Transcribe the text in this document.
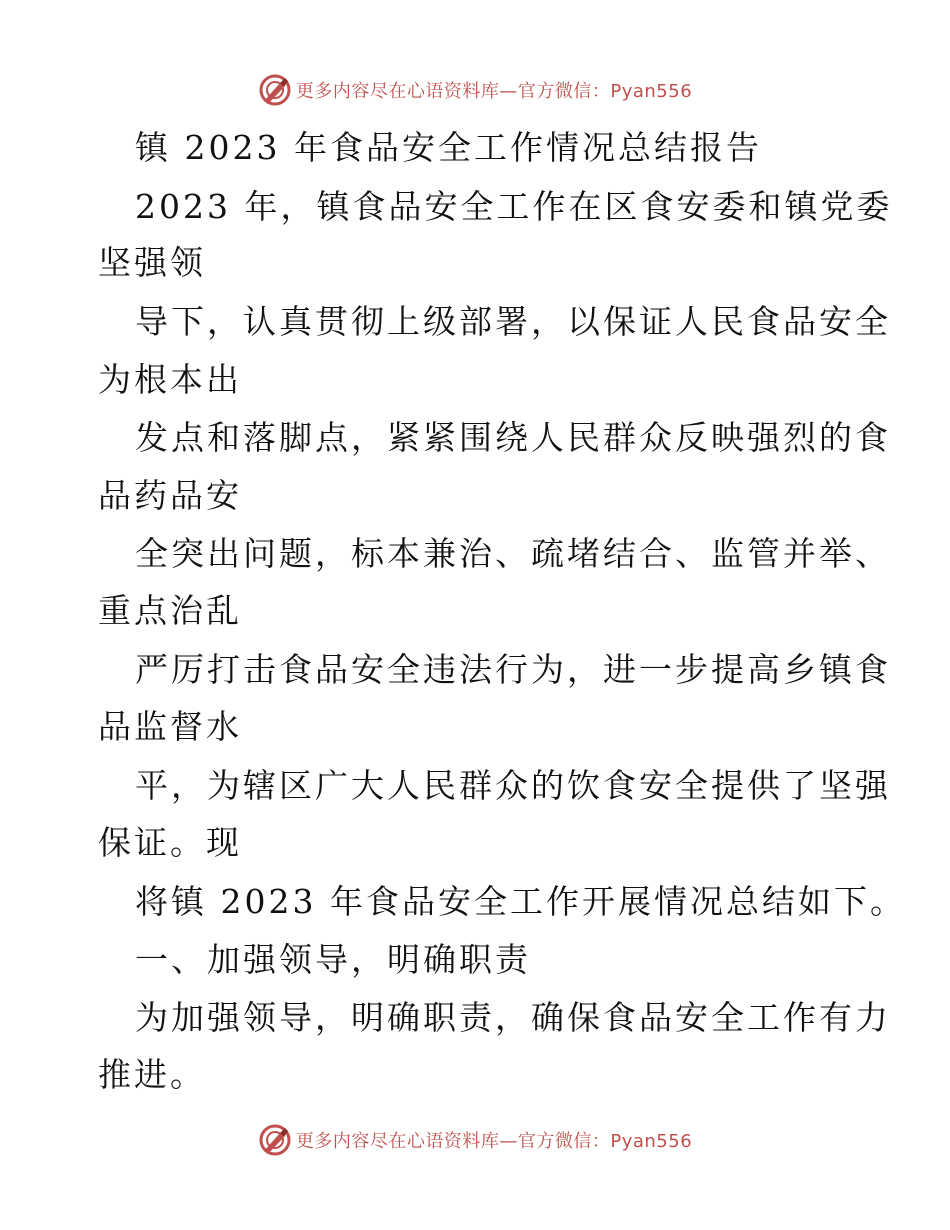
更多内容尽在心语资料库—官方微信：Pyan556
镇 2023 年食品安全工作情况总结报告
2023 年，镇食品安全工作在区食安委和镇党委
坚强领
导下，认真贯彻上级部署，以保证人民食品安全
为根本出
发点和落脚点，紧紧围绕人民群众反映强烈的食
品药品安
全突出问题，标本兼治、疏堵结合、监管并举、
重点治乱
严厉打击食品安全违法行为，进一步提高乡镇食
品监督水
平，为辖区广大人民群众的饮食安全提供了坚强
保证。现
将镇 2023 年食品安全工作开展情况总结如下。
一、加强领导，明确职责
为加强领导，明确职责，确保食品安全工作有力
推进。
更多内容尽在心语资料库—官方微信：Pyan556
